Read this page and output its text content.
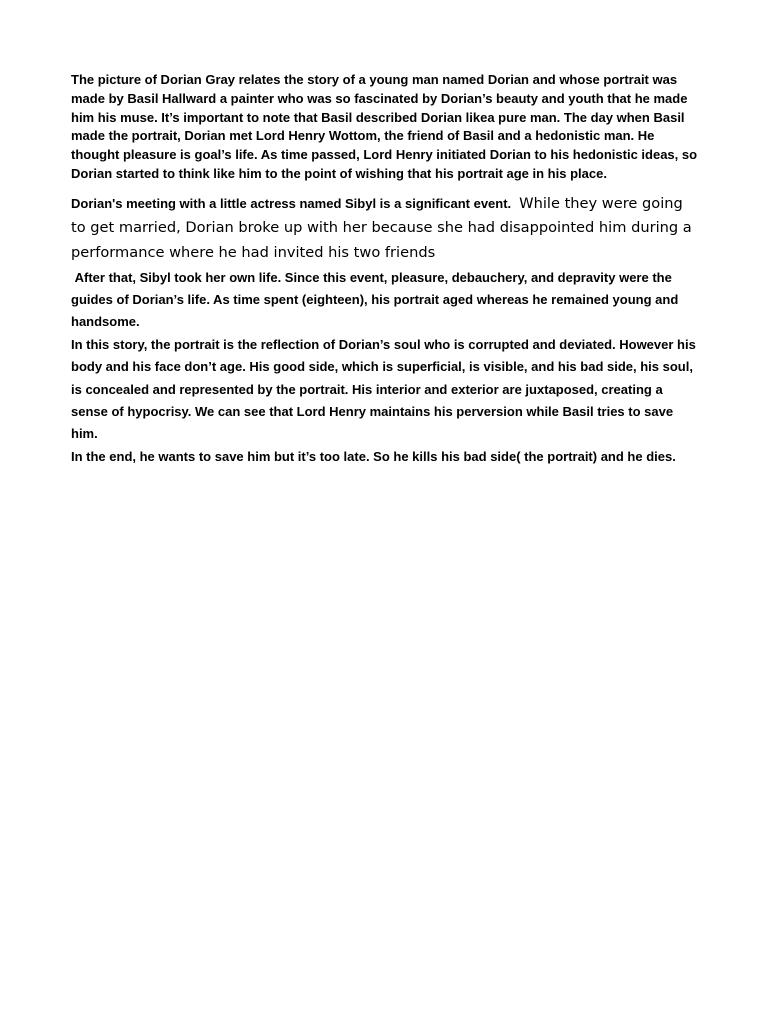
The picture of Dorian Gray relates the story of a young man named Dorian and whose portrait was made by Basil Hallward a painter who was so fascinated by Dorian’s beauty and youth that he made him his muse. It’s important to note that Basil described Dorian likea pure man. The day when Basil made the portrait, Dorian met Lord Henry Wottom, the friend of Basil and a hedonistic man. He thought pleasure is goal’s life. As time passed, Lord Henry initiated Dorian to his hedonistic ideas, so Dorian started to think like him to the point of wishing that his portrait age in his place.

Dorian's meeting with a little actress named Sibyl is a significant event. While they were going to get married, Dorian broke up with her because she had disappointed him during a performance where he had invited his two friends

After that, Sibyl took her own life. Since this event, pleasure, debauchery, and depravity were the guides of Dorian’s life. As time spent (eighteen), his portrait aged whereas he remained young and handsome.

In this story, the portrait is the reflection of Dorian’s soul who is corrupted and deviated. However his body and his face don’t age. His good side, which is superficial, is visible, and his bad side, his soul, is concealed and represented by the portrait. His interior and exterior are juxtaposed, creating a sense of hypocrisy. We can see that Lord Henry maintains his perversion while Basil tries to save him.

In the end, he wants to save him but it’s too late. So he kills his bad side( the portrait) and he dies.
